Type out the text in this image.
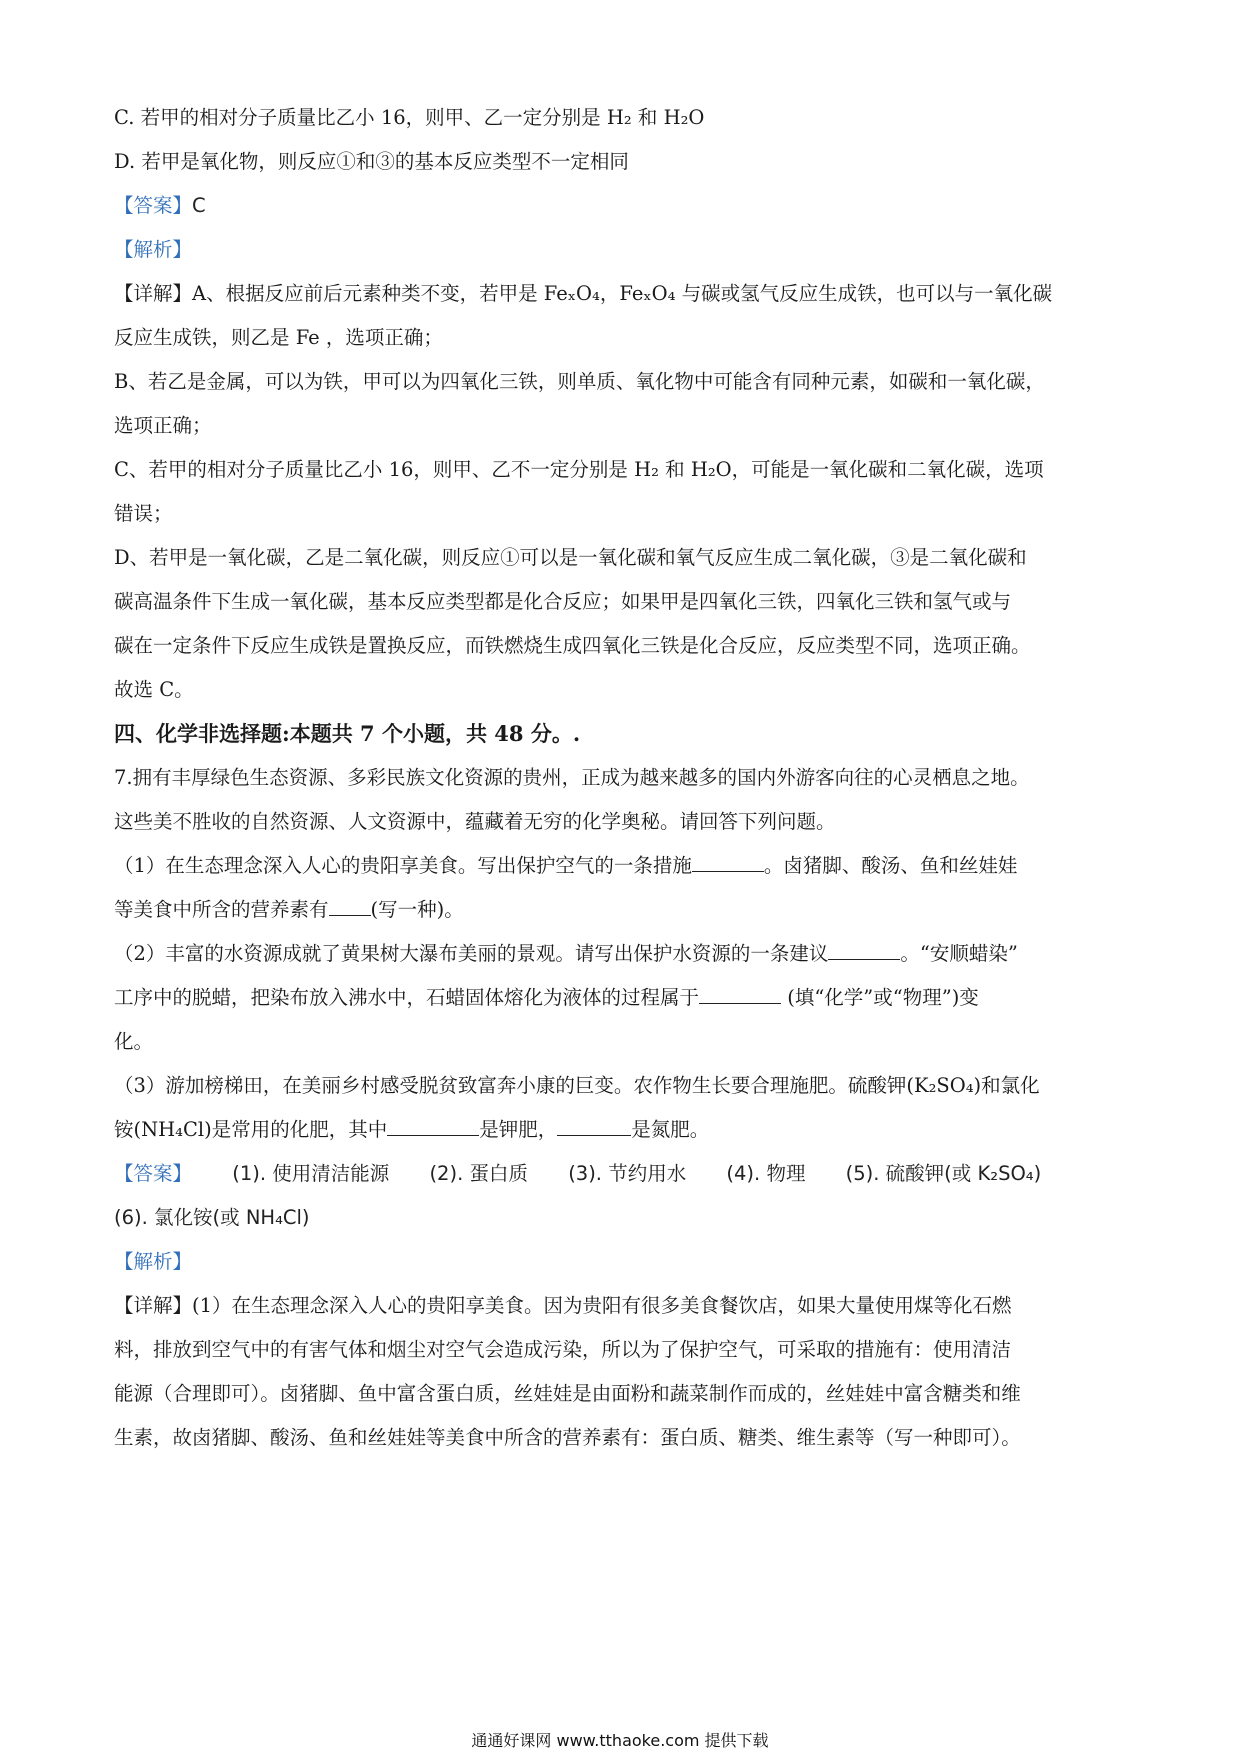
C. 若甲的相对分子质量比乙小 16，则甲、乙一定分别是 H₂ 和 H₂O
D. 若甲是氧化物，则反应①和③的基本反应类型不一定相同
【答案】C
【解析】
【详解】A、根据反应前后元素种类不变，若甲是 FeₓO₄，FeₓO₄ 与碳或氢气反应生成铁，也可以与一氧化碳
反应生成铁，则乙是 Fe ，选项正确；
B、若乙是金属，可以为铁，甲可以为四氧化三铁，则单质、氧化物中可能含有同种元素，如碳和一氧化碳，
选项正确；
C、若甲的相对分子质量比乙小 16，则甲、乙不一定分别是 H₂ 和 H₂O，可能是一氧化碳和二氧化碳，选项
错误；
D、若甲是一氧化碳，乙是二氧化碳，则反应①可以是一氧化碳和氧气反应生成二氧化碳，③是二氧化碳和
碳高温条件下生成一氧化碳，基本反应类型都是化合反应；如果甲是四氧化三铁，四氧化三铁和氢气或与
碳在一定条件下反应生成铁是置换反应，而铁燃烧生成四氧化三铁是化合反应，反应类型不同，选项正确。
故选 C。
四、化学非选择题:本题共 7 个小题，共 48 分。.
7.拥有丰厚绿色生态资源、多彩民族文化资源的贵州，正成为越来越多的国内外游客向往的心灵栖息之地。
这些美不胜收的自然资源、人文资源中，蕴藏着无穷的化学奥秘。请回答下列问题。
（1）在生态理念深入人心的贵阳享美食。写出保护空气的一条措施	。卤猪脚、酸汤、鱼和丝娃娃
等美食中所含的营养素有 (写一种)。
（2）丰富的水资源成就了黄果树大瀑布美丽的景观。请写出保护水资源的一条建议	。“安顺蜡染”
工序中的脱蜡，把染布放入沸水中，石蜡固体熔化为液体的过程属于	(填“化学”或“物理”)变
化。
（3）游加榜梯田，在美丽乡村感受脱贫致富奔小康的巨变。农作物生长要合理施肥。硫酸钾(K₂SO₄)和氯化
铵(NH₄Cl)是常用的化肥，其中	是钾肥，	是氮肥。
【答案】 (1). 使用清洁能源 (2). 蛋白质 (3). 节约用水 (4). 物理 (5). 硫酸钾(或 K₂SO₄)
(6). 氯化铵(或 NH₄Cl)
【解析】
【详解】(1）在生态理念深入人心的贵阳享美食。因为贵阳有很多美食餐饮店，如果大量使用煤等化石燃
料，排放到空气中的有害气体和烟尘对空气会造成污染，所以为了保护空气，可采取的措施有：使用清洁
能源（合理即可）。卤猪脚、鱼中富含蛋白质，丝娃娃是由面粉和蔬菜制作而成的，丝娃娃中富含糖类和维
生素，故卤猪脚、酸汤、鱼和丝娃娃等美食中所含的营养素有：蛋白质、糖类、维生素等（写一种即可）。
通通好课网 www.tthaoke.com 提供下载
